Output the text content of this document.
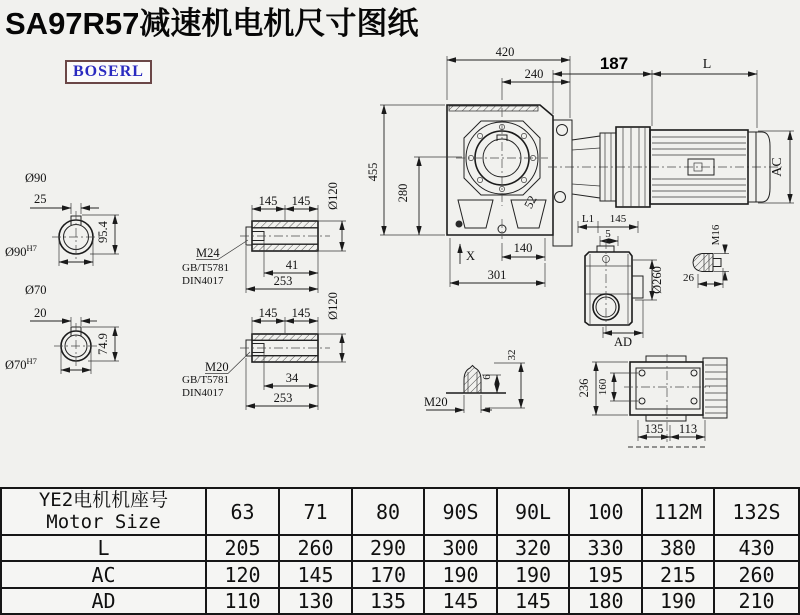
SA97R57减速机电机尺寸图纸
BOSERL
Ø90
25
95.4
$Ø90^{H7}$
Ø70
20
74.9
$Ø70^{H7}$
145 145 Ø120
M24
GB/T5781
DIN4017
41
253
145 145 Ø120
M20
GB/T5781
DIN4017
34
253
420
240
455
280	52
X
140
301
187	L
AC
L1 145
5
Ø260
AD
M16
26
M20
6
32
236 160
135 113
YE2电机机座号
Motor Size	63	71	80	90S	90L	100	112M	132S
L	205	260	290	300	320	330	380	430
AC	120	145	170	190	190	195	215	260
AD	110	130	135	145	145	180	190	210
